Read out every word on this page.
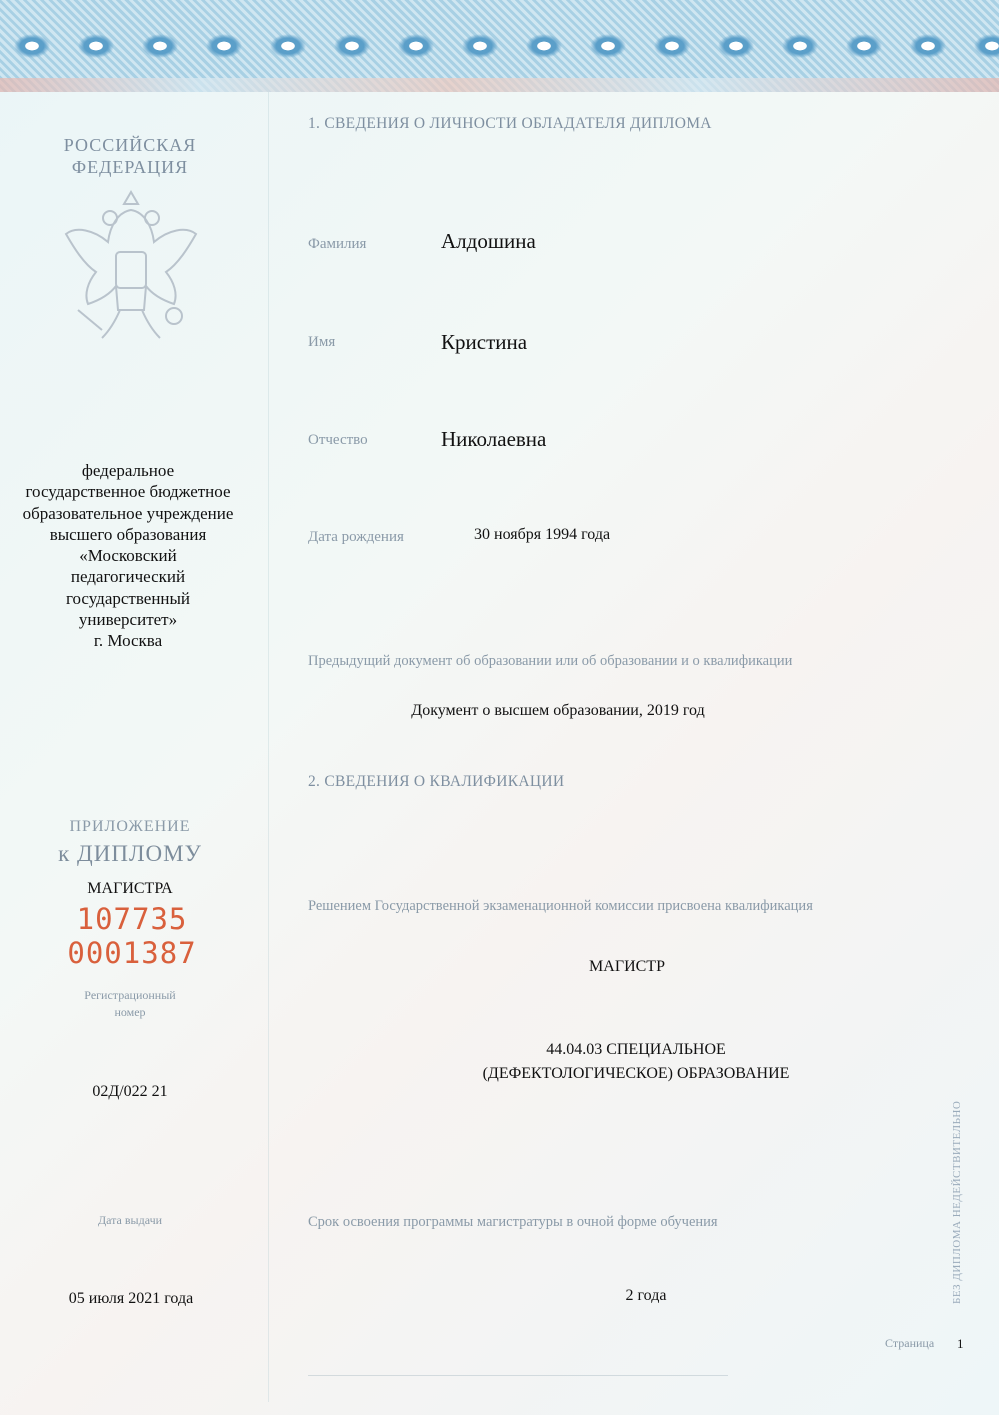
РОССИЙСКАЯ
ФЕДЕРАЦИЯ
федеральное
государственное бюджетное
образовательное учреждение
высшего образования
«Московский
педагогический
государственный
университет»
г. Москва
ПРИЛОЖЕНИЕ
к ДИПЛОМУ
МАГИСТРА
107735 0001387
Регистрационный
номер
02Д/022 21
Дата выдачи
05 июля 2021 года
1. СВЕДЕНИЯ О ЛИЧНОСТИ ОБЛАДАТЕЛЯ ДИПЛОМА
Фамилия	Алдошина
Имя	Кристина
Отчество	Николаевна
Дата рождения	30 ноября 1994 года
Предыдущий документ об образовании или об образовании и о квалификации
Документ о высшем образовании, 2019 год
2. СВЕДЕНИЯ О КВАЛИФИКАЦИИ
Решением Государственной экзаменационной комиссии присвоена квалификация
МАГИСТР
44.04.03 СПЕЦИАЛЬНОЕ
(ДЕФЕКТОЛОГИЧЕСКОЕ) ОБРАЗОВАНИЕ
Срок освоения программы магистратуры в очной форме обучения
2 года	БЕЗ ДИПЛОМА НЕДЕЙСТВИТЕЛЬНО
Страница 1
